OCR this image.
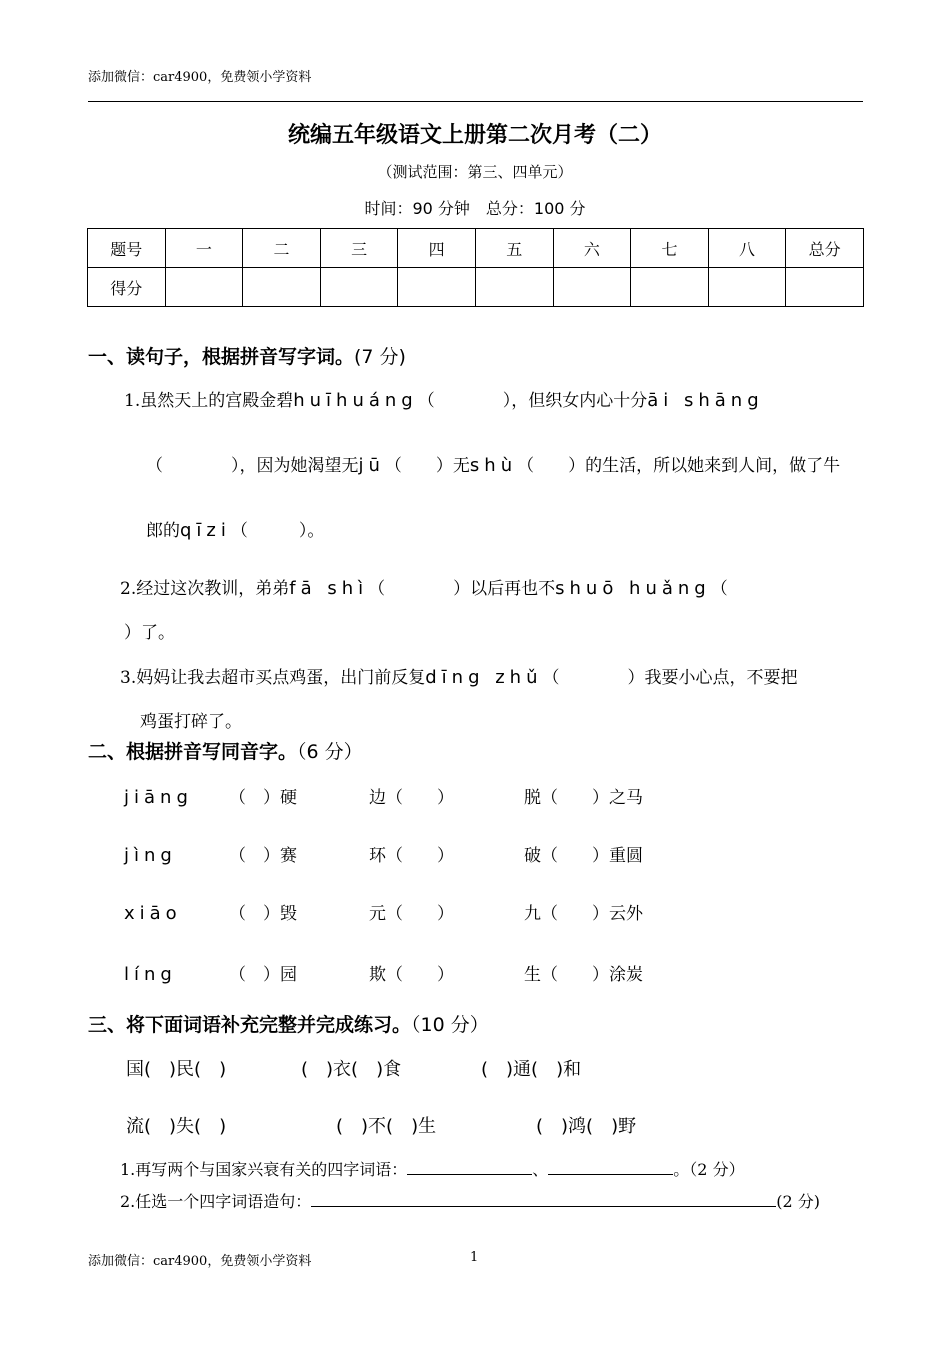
添加微信：car4900，免费领小学资料
统编五年级语文上册第二次月考（二）
（测试范围：第三、四单元）
时间：90 分钟　总分：100 分
题号	一	二	三	四	五	六	七	八	总分
得分									
一、读句子，根据拼音写字词。(7 分)
1.虽然天上的宫殿金碧huīhuáng（　　　　），但织女内心十分āi shāng
（　　　　），因为她渴望无jū（　　）无shù（　　）的生活，所以她来到人间，做了牛
郎的qīzi（　　　）。
2.经过这次教训，弟弟fā shì（　　　　）以后再也不shuō huǎng（
）了。
3.妈妈让我去超市买点鸡蛋，出门前反复dīng zhǔ（　　　　）我要小心点，不要把
鸡蛋打碎了。
二、根据拼音写同音字。（6 分）
jiāng （　）硬	边（　　）	脱（　　）之马
jìng	（　）赛	环（　　）	破（　　）重圆
xiāo	（　）毁	元（　　）	九（　　）云外
líng	（　）园	欺（　　）	生（　　）涂炭
三、将下面词语补充完整并完成练习。（10 分）
国(　)民(　)	(　)衣(　)食	(　)通(　)和
流(　)失(　)	(　)不(　)生	(　)鸿(　)野
1.再写两个与国家兴衰有关的四字词语：	、	。（2 分）
2.任选一个四字词语造句：	(2 分)
添加微信：car4900，免费领小学资料	1
